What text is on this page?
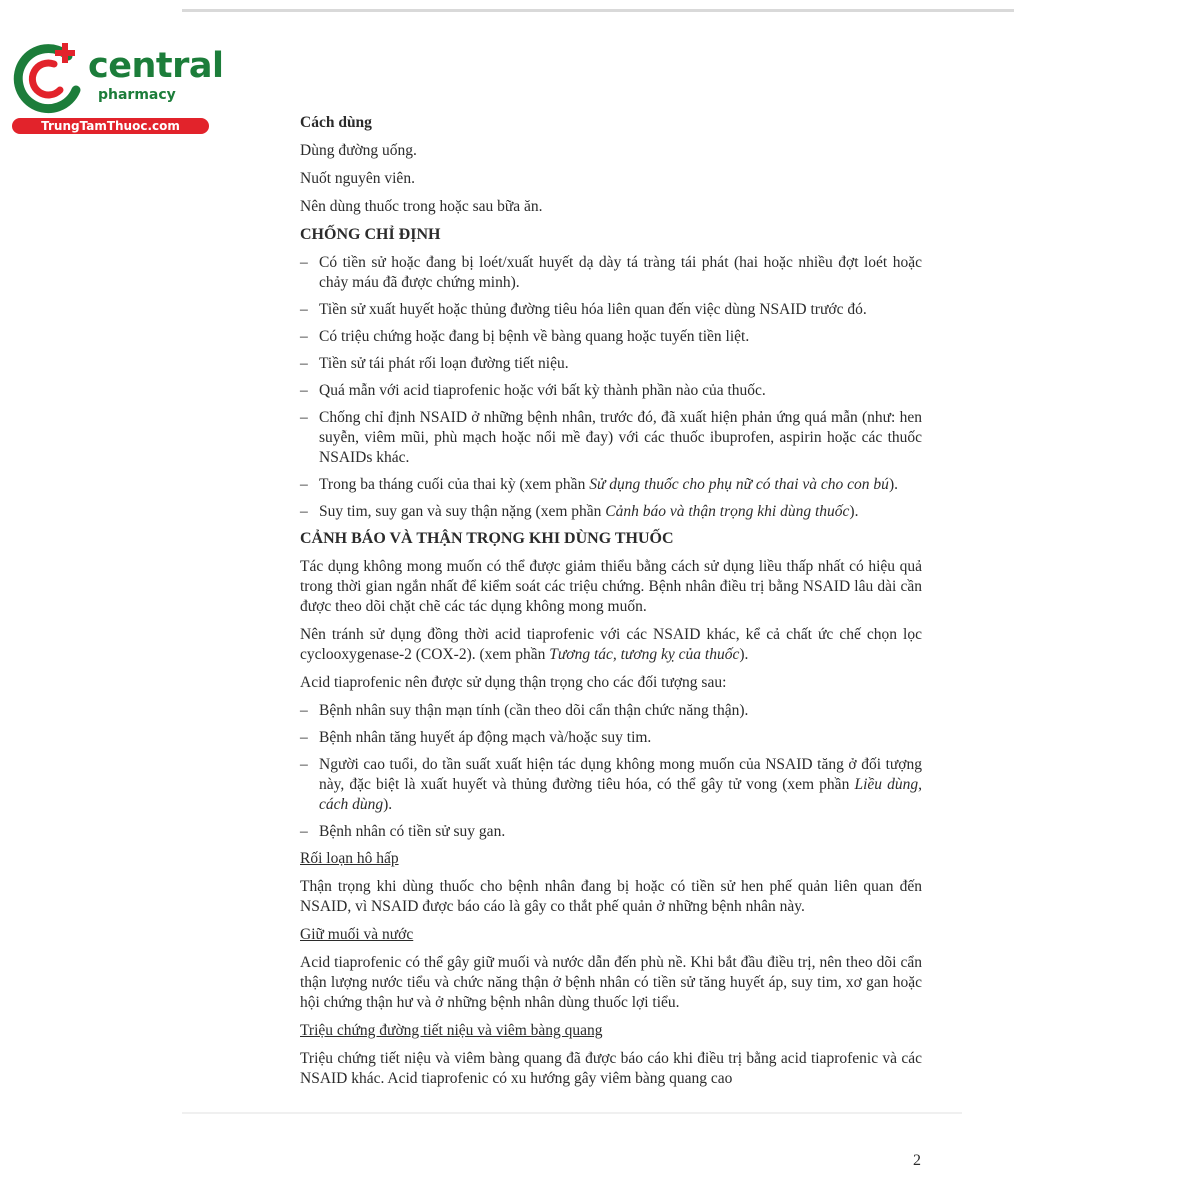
central
pharmacy
TrungTamThuoc.com	Cách dùng

Dùng đường uống.

Nuốt nguyên viên.

Nên dùng thuốc trong hoặc sau bữa ăn.

CHỐNG CHỈ ĐỊNH

– Có tiền sử hoặc đang bị loét/xuất huyết dạ dày tá tràng tái phát (hai hoặc nhiều đợt loét hoặc chảy máu đã được chứng minh).
– Tiền sử xuất huyết hoặc thủng đường tiêu hóa liên quan đến việc dùng NSAID trước đó.
– Có triệu chứng hoặc đang bị bệnh về bàng quang hoặc tuyến tiền liệt.
– Tiền sử tái phát rối loạn đường tiết niệu.
– Quá mẫn với acid tiaprofenic hoặc với bất kỳ thành phần nào của thuốc.
– Chống chỉ định NSAID ở những bệnh nhân, trước đó, đã xuất hiện phản ứng quá mẫn (như: hen suyễn, viêm mũi, phù mạch hoặc nổi mề đay) với các thuốc ibuprofen, aspirin hoặc các thuốc NSAIDs khác.
– Trong ba tháng cuối của thai kỳ (xem phần Sử dụng thuốc cho phụ nữ có thai và cho con bú).
– Suy tim, suy gan và suy thận nặng (xem phần Cảnh báo và thận trọng khi dùng thuốc).

CẢNH BÁO VÀ THẬN TRỌNG KHI DÙNG THUỐC

Tác dụng không mong muốn có thể được giảm thiểu bằng cách sử dụng liều thấp nhất có hiệu quả trong thời gian ngắn nhất để kiểm soát các triệu chứng. Bệnh nhân điều trị bằng NSAID lâu dài cần được theo dõi chặt chẽ các tác dụng không mong muốn.

Nên tránh sử dụng đồng thời acid tiaprofenic với các NSAID khác, kể cả chất ức chế chọn lọc cyclooxygenase-2 (COX-2). (xem phần Tương tác, tương kỵ của thuốc).

Acid tiaprofenic nên được sử dụng thận trọng cho các đối tượng sau:

– Bệnh nhân suy thận mạn tính (cần theo dõi cẩn thận chức năng thận).
– Bệnh nhân tăng huyết áp động mạch và/hoặc suy tim.
– Người cao tuổi, do tần suất xuất hiện tác dụng không mong muốn của NSAID tăng ở đối tượng này, đặc biệt là xuất huyết và thủng đường tiêu hóa, có thể gây tử vong (xem phần Liều dùng, cách dùng).
– Bệnh nhân có tiền sử suy gan.

Rối loạn hô hấp

Thận trọng khi dùng thuốc cho bệnh nhân đang bị hoặc có tiền sử hen phế quản liên quan đến NSAID, vì NSAID được báo cáo là gây co thắt phế quản ở những bệnh nhân này.

Giữ muối và nước

Acid tiaprofenic có thể gây giữ muối và nước dẫn đến phù nề. Khi bắt đầu điều trị, nên theo dõi cẩn thận lượng nước tiểu và chức năng thận ở bệnh nhân có tiền sử tăng huyết áp, suy tim, xơ gan hoặc hội chứng thận hư và ở những bệnh nhân dùng thuốc lợi tiểu.

Triệu chứng đường tiết niệu và viêm bàng quang

Triệu chứng tiết niệu và viêm bàng quang đã được báo cáo khi điều trị bằng acid tiaprofenic và các NSAID khác. Acid tiaprofenic có xu hướng gây viêm bàng quang cao

2
